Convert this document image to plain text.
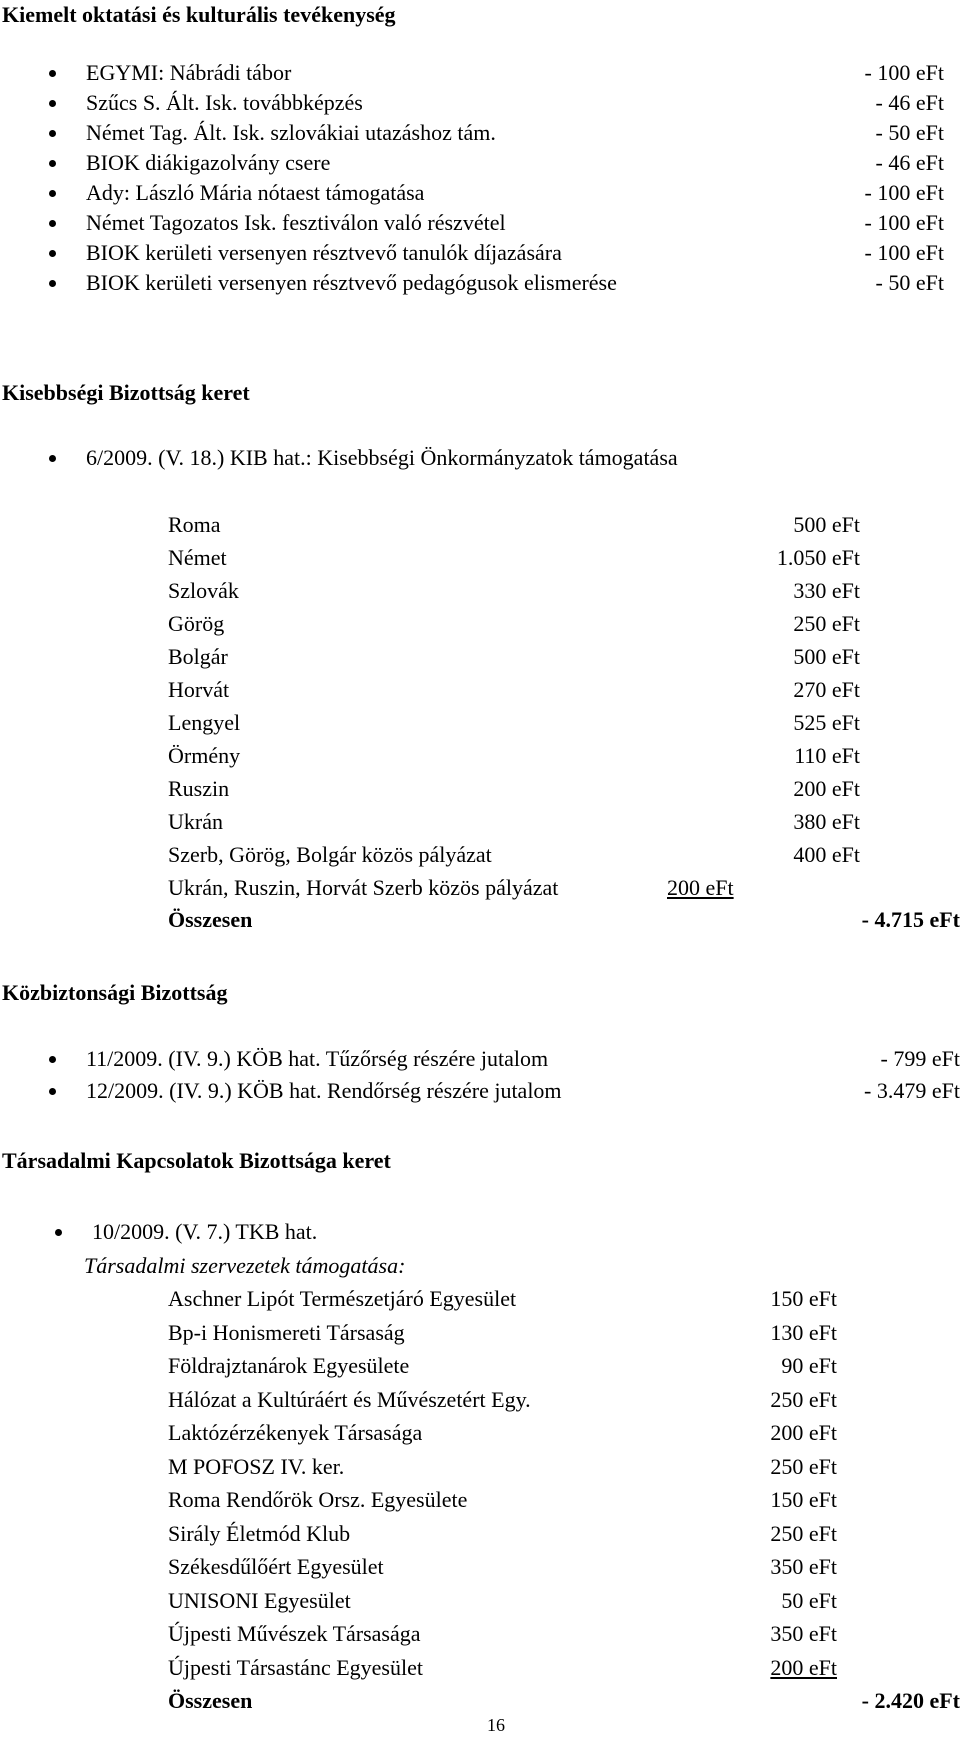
Kiemelt oktatási és kulturális tevékenység
EGYMI: Nábrádi tábor	- 100 eFt
Szűcs S. Ált. Isk. továbbképzés	- 46 eFt
Német Tag. Ált. Isk. szlovákiai utazáshoz tám.	- 50 eFt
BIOK diákigazolvány csere	- 46 eFt
Ady: László Mária nótaest támogatása	- 100 eFt
Német Tagozatos Isk. fesztiválon való részvétel	- 100 eFt
BIOK kerületi versenyen résztvevő tanulók díjazására	- 100 eFt
BIOK kerületi versenyen résztvevő pedagógusok elismerése	- 50 eFt
Kisebbségi Bizottság keret
6/2009. (V. 18.) KIB hat.: Kisebbségi Önkormányzatok támogatása
Roma	500 eFt
Német	1.050 eFt
Szlovák	330 eFt
Görög	250 eFt
Bolgár	500 eFt
Horvát	270 eFt
Lengyel	525 eFt
Örmény	110 eFt
Ruszin	200 eFt
Ukrán	380 eFt
Szerb, Görög, Bolgár közös pályázat	400 eFt
Ukrán, Ruszin, Horvát Szerb közös pályázat	200 eFt
Összesen	- 4.715 eFt
Közbiztonsági Bizottság
11/2009. (IV. 9.) KÖB hat. Tűzőrség részére jutalom	- 799 eFt
12/2009. (IV. 9.) KÖB hat. Rendőrség részére jutalom	- 3.479 eFt
Társadalmi Kapcsolatok Bizottsága keret
10/2009. (V. 7.) TKB hat.
Társadalmi szervezetek támogatása:
Aschner Lipót Természetjáró Egyesület	150 eFt
Bp-i Honismereti Társaság	130 eFt
Földrajztanárok Egyesülete	90 eFt
Hálózat a Kultúráért és Művészetért Egy.	250 eFt
Laktózérzékenyek Társasága	200 eFt
M POFOSZ IV. ker.	250 eFt
Roma Rendőrök Orsz. Egyesülete	150 eFt
Sirály Életmód Klub	250 eFt
Székesdűlőért Egyesület	350 eFt
UNISONI Egyesület	50 eFt
Újpesti Művészek Társasága	350 eFt
Újpesti Társastánc Egyesület	200 eFt
Összesen	- 2.420 eFt
16
